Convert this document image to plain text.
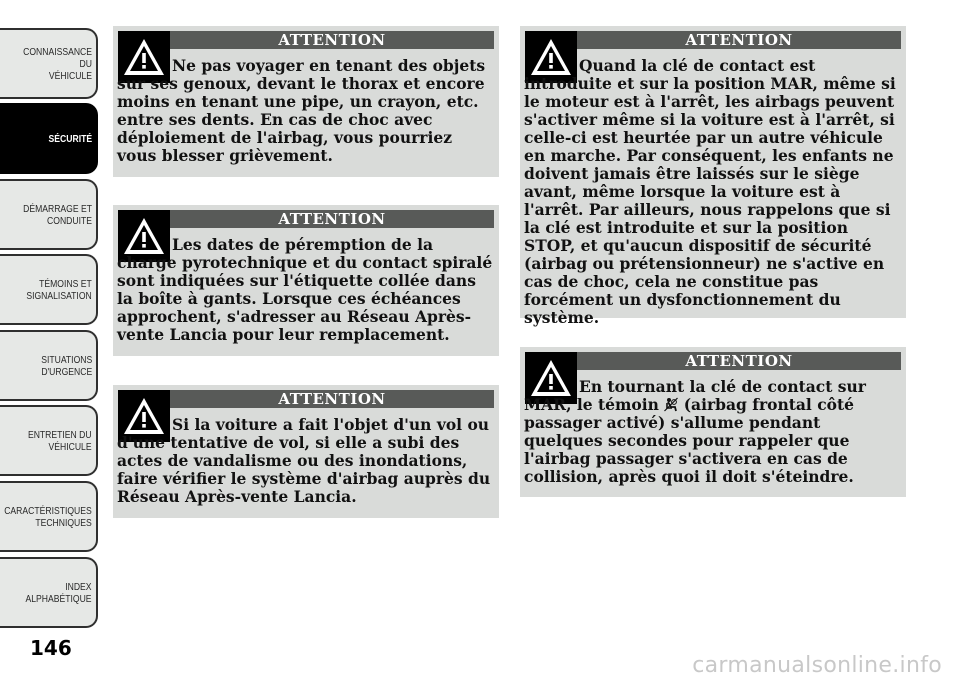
CONNAISSANCE DU
VÉHICULE
SÉCURITÉ
DÉMARRAGE ET
CONDUITE
TÉMOINS ET
SIGNALISATION
SITUATIONS
D'URGENCE
ENTRETIEN DU
VÉHICULE
CARACTÉRISTIQUES
TECHNIQUES
INDEX
ALPHABÉTIQUE
146
ATTENTION

Ne pas voyager en tenant des objets sur ses genoux, devant le thorax et encore moins en tenant une pipe, un crayon, etc. entre ses dents. En cas de choc avec déploiement de l'airbag, vous pourriez vous blesser grièvement.

ATTENTION

Les dates de péremption de la charge pyrotechnique et du contact spiralé sont indiquées sur l'étiquette collée dans la boîte à gants. Lorsque ces échéances approchent, s'adresser au Réseau Après-vente Lancia pour leur remplacement.

ATTENTION

Si la voiture a fait l'objet d'un vol ou d'une tentative de vol, si elle a subi des actes de vandalisme ou des inondations, faire vérifier le système d'airbag auprès du Réseau Après-vente Lancia.

ATTENTION

Quand la clé de contact est introduite et sur la position MAR, même si le moteur est à l'arrêt, les airbags peuvent s'activer même si la voiture est à l'arrêt, si celle-ci est heurtée par un autre véhicule en marche. Par conséquent, les enfants ne doivent jamais être laissés sur le siège avant, même lorsque la voiture est à l'arrêt. Par ailleurs, nous rappelons que si la clé est introduite et sur la position STOP, et qu'aucun dispositif de sécurité (airbag ou prétensionneur) ne s'active en cas de choc, cela ne constitue pas forcément un dysfonctionnement du système.

ATTENTION

En tournant la clé de contact sur MAR, le témoin  (airbag frontal côté passager activé) s'allume pendant quelques secondes pour rappeler que l'airbag passager s'activera en cas de collision, après quoi il doit s'éteindre.

carmanualsonline.info
